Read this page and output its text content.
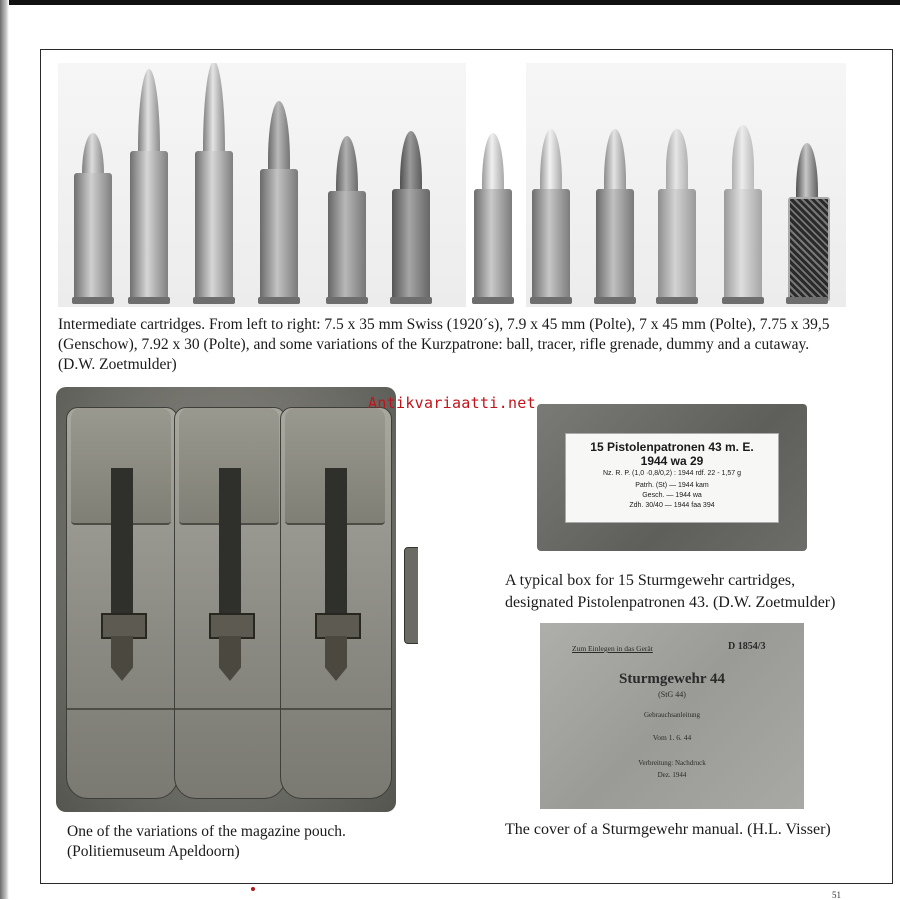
Intermediate cartridges. From left to right: 7.5 x 35 mm Swiss (1920´s), 7.9 x 45 mm (Polte), 7 x 45 mm (Polte), 7.75 x 39,5 (Genschow), 7.92 x 30 (Polte), and some variations of the Kurzpatrone: ball, tracer, rifle grenade, dummy and a cutaway. (D.W. Zoetmulder)

One of the variations of the magazine pouch.
(Politiemuseum Apeldoorn)

15 Pistolenpatronen 43 m. E.
1944 wa 29
Nz. R. P. (1,0 ·0,8/0,2) : 1944 rdf. 22 - 1,57 g
Patrh. (St) — 1944 kam
Gesch. — 1944 wa
Zdh. 30/40 — 1944 faa 394

A typical box for 15 Sturmgewehr cartridges,
designated Pistolenpatronen 43. (D.W. Zoetmulder)

Zum Einlegen in das Gerät	D 1854/3
Sturmgewehr 44
(StG 44)
Gebrauchsanleitung
Vom 1. 6. 44
Verbreitung: Nachdruck
Dez. 1944

The cover of a Sturmgewehr manual. (H.L. Visser)

Antikvariaatti.net
51
